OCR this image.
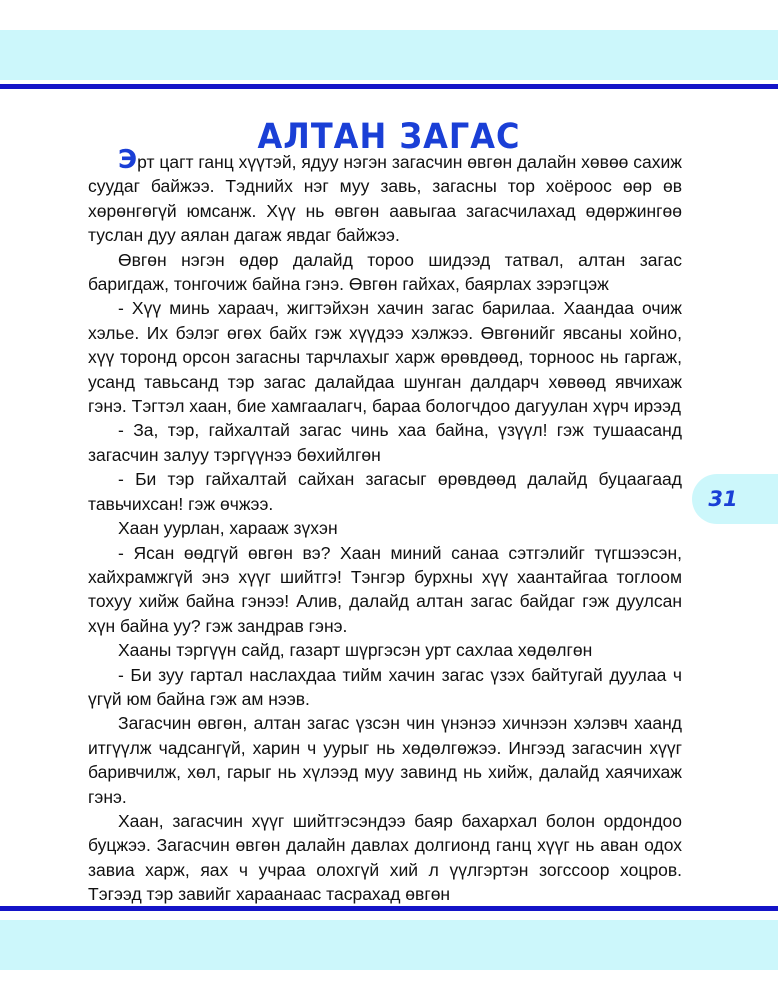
АЛТАН ЗАГАС

Эрт цагт ганц хүүтэй, ядуу нэгэн загасчин өвгөн далайн хөвөө сахиж суудаг байжээ. Тэднийх нэг муу завь, загасны тор хоёроос өөр өв хөрөнгөгүй юмсанж. Хүү нь өвгөн аавыгаа загасчилахад өдөржингөө туслан дуу аялан дагаж явдаг байжээ.

Өвгөн нэгэн өдөр далайд тороо шидээд татвал, алтан загас баригдаж, тонгочиж байна гэнэ. Өвгөн гайхах, баярлах зэрэгцэж

- Хүү минь хараач, жигтэйхэн хачин загас барилаа. Хаандаа очиж хэлье. Их бэлэг өгөх байх гэж хүүдээ хэлжээ. Өвгөнийг явсаны хойно, хүү торонд орсон загасны тарчлахыг харж өрөвдөөд, торноос нь гаргаж, усанд тавьсанд тэр загас далайдаа шунган далдарч хөвөөд явчихаж гэнэ. Тэгтэл хаан, бие хамгаалагч, бараа бологчдоо дагуулан хүрч ирээд

- За, тэр, гайхалтай загас чинь хаа байна, үзүүл! гэж тушаасанд загасчин залуу тэргүүнээ бөхийлгөн

- Би тэр гайхалтай сайхан загасыг өрөвдөөд далайд буцаагаад тавьчихсан! гэж өчжээ.

Хаан уурлан, харааж зүхэн

- Ясан өөдгүй өвгөн вэ? Хаан миний санаа сэтгэлийг түгшээсэн, хайхрамжгүй энэ хүүг шийтгэ! Тэнгэр бурхны хүү хаантайгаа тоглоом тохуу хийж байна гэнээ! Алив, далайд алтан загас байдаг гэж дуулсан хүн байна уу? гэж зандрав гэнэ.

Хааны тэргүүн сайд, газарт шүргэсэн урт сахлаа хөдөлгөн

- Би зуу гартал наслахдаа тийм хачин загас үзэх байтугай дуулаа ч үгүй юм байна гэж ам нээв.

Загасчин өвгөн, алтан загас үзсэн чин үнэнээ хичнээн хэлэвч хаанд итгүүлж чадсангүй, харин ч уурыг нь хөдөлгөжээ. Ингээд загасчин хүүг баривчилж, хөл, гарыг нь хүлээд муу завинд нь хийж, далайд хаячихаж гэнэ.

Хаан, загасчин хүүг шийтгэсэндээ баяр бахархал болон ордондоо буцжээ. Загасчин өвгөн далайн давлах долгионд ганц хүүг нь аван одох завиа харж, яах ч учраа олохгүй хий л үүлгэртэн зогссоор хоцров. Тэгээд тэр завийг хараанаас тасрахад өвгөн

31
